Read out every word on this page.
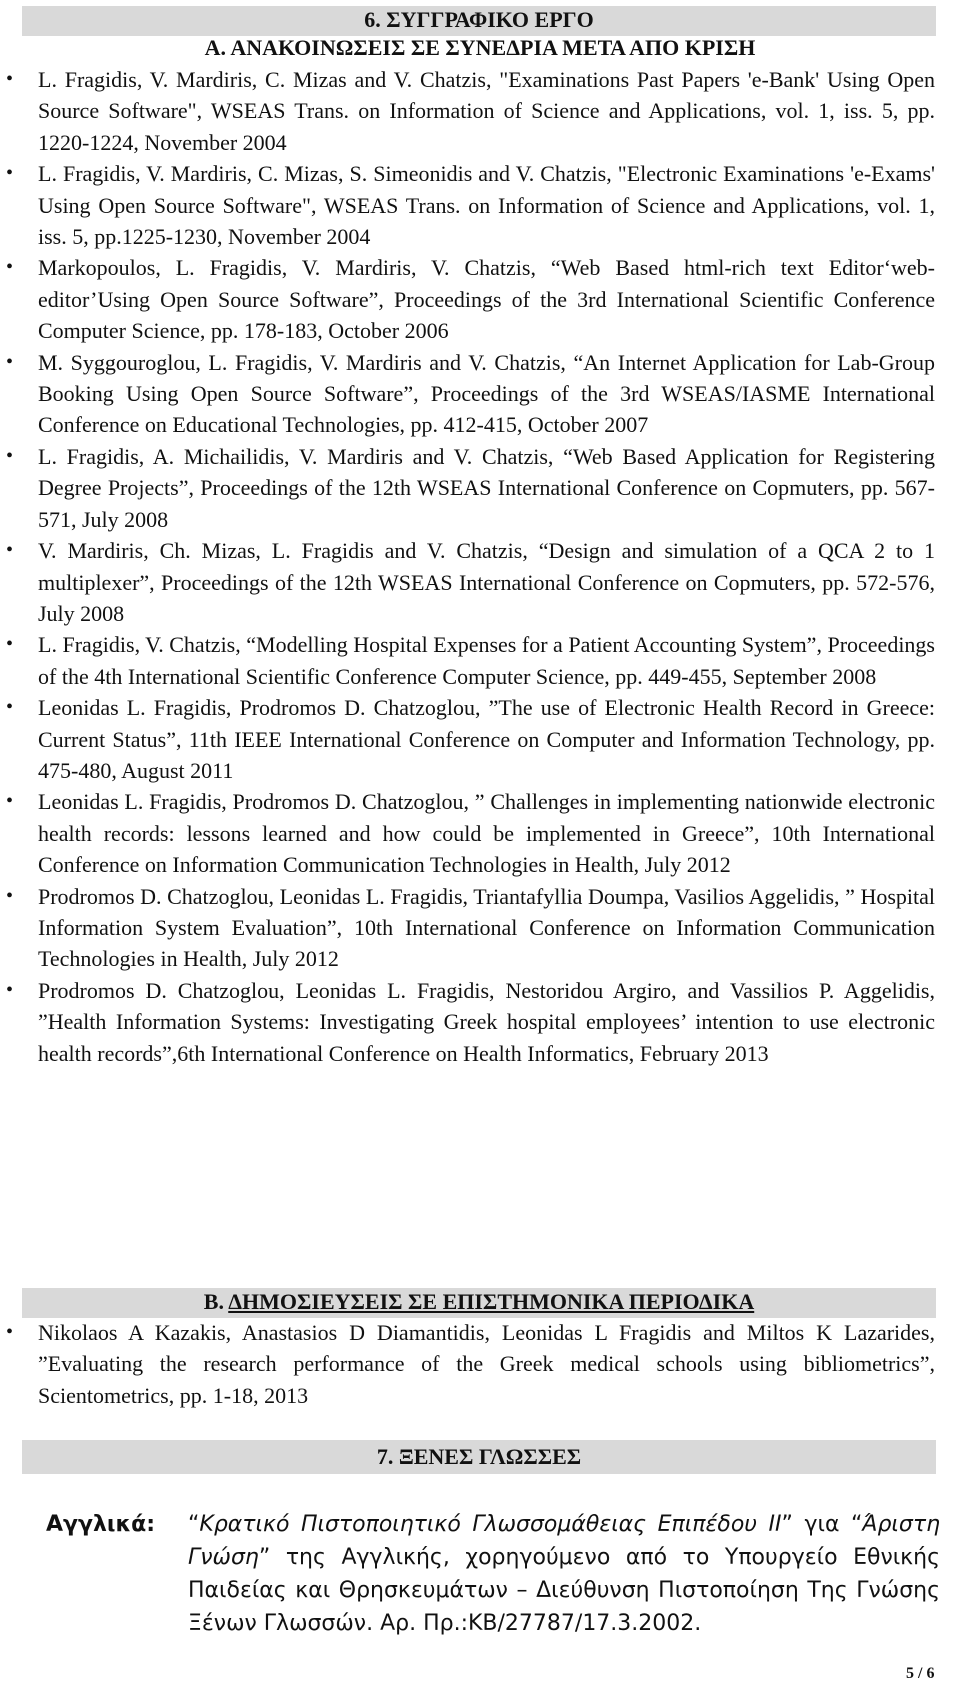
6. ΣΥΓΓΡΑΦΙΚΟ ΕΡΓΟ
Α. ΑΝΑΚΟΙΝΩΣΕΙΣ ΣΕ ΣΥΝΕΔΡΙΑ ΜΕΤΑ ΑΠΟ ΚΡΙΣΗ
• L. Fragidis, V. Mardiris, C. Mizas and V. Chatzis, "Examinations Past Papers 'e-Bank' Using Open Source Software", WSEAS Trans. on Information of Science and Applications, vol. 1, iss. 5, pp. 1220-1224, November 2004
• L. Fragidis, V. Mardiris, C. Mizas, S. Simeonidis and V. Chatzis, "Electronic Examinations 'e-Exams' Using Open Source Software", WSEAS Trans. on Information of Science and Applications, vol. 1, iss. 5, pp.1225-1230, November 2004
• Markopoulos, L. Fragidis, V. Mardiris, V. Chatzis, “Web Based html-rich text Editor‘web-editor’Using Open Source Software”, Proceedings of the 3rd International Scientific Conference Computer Science, pp. 178-183, October 2006
• M. Syggouroglou, L. Fragidis, V. Mardiris and V. Chatzis, “An Internet Application for Lab-Group Booking Using Open Source Software”, Proceedings of the 3rd WSEAS/IASME International Conference on Educational Technologies, pp. 412-415, October 2007
• L. Fragidis, A. Michailidis, V. Mardiris and V. Chatzis, “Web Based Application for Registering Degree Projects”, Proceedings of the 12th WSEAS International Conference on Copmuters, pp. 567-571, July 2008
• V. Mardiris, Ch. Mizas, L. Fragidis and V. Chatzis, “Design and simulation of a QCA 2 to 1 multiplexer”, Proceedings of the 12th WSEAS International Conference on Copmuters, pp. 572-576, July 2008
• L. Fragidis, V. Chatzis, “Modelling Hospital Expenses for a Patient Accounting System”, Proceedings of the 4th International Scientific Conference Computer Science, pp. 449-455, September 2008
• Leonidas L. Fragidis, Prodromos D. Chatzoglou, ”The use of Electronic Health Record in Greece: Current Status”, 11th IEEE International Conference on Computer and Information Technology, pp. 475-480, August 2011
• Leonidas L. Fragidis, Prodromos D. Chatzoglou, ” Challenges in implementing nationwide electronic health records: lessons learned and how could be implemented in Greece”, 10th International Conference on Information Communication Technologies in Health, July 2012
• Prodromos D. Chatzoglou, Leonidas L. Fragidis, Triantafyllia Doumpa, Vasilios Aggelidis, ” Hospital Information System Evaluation”, 10th International Conference on Information Communication Technologies in Health, July 2012
• Prodromos D. Chatzoglou, Leonidas L. Fragidis, Nestoridou Argiro, and Vassilios P. Aggelidis, ”Health Information Systems: Investigating Greek hospital employees’ intention to use electronic health records”,6th International Conference on Health Informatics, February 2013
Β. ΔΗΜΟΣΙΕΥΣΕΙΣ ΣΕ ΕΠΙΣΤΗΜΟΝΙΚΑ ΠΕΡΙΟΔΙΚΑ
• Nikolaos A Kazakis, Anastasios D Diamantidis, Leonidas L Fragidis and Miltos K Lazarides, ”Evaluating the research performance of the Greek medical schools using bibliometrics”, Scientometrics, pp. 1-18, 2013
7. ΞΕΝΕΣ ΓΛΩΣΣΕΣ
Αγγλικά: “Κρατικό Πιστοποιητικό Γλωσσομάθειας Επιπέδου ΙΙ” για “Άριστη Γνώση” της Αγγλικής, χορηγούμενο από το Υπουργείο Εθνικής Παιδείας και Θρησκευμάτων – Διεύθυνση Πιστοποίηση Της Γνώσης Ξένων Γλωσσών. Αρ. Πρ.:ΚΒ/27787/17.3.2002.
5 / 6
